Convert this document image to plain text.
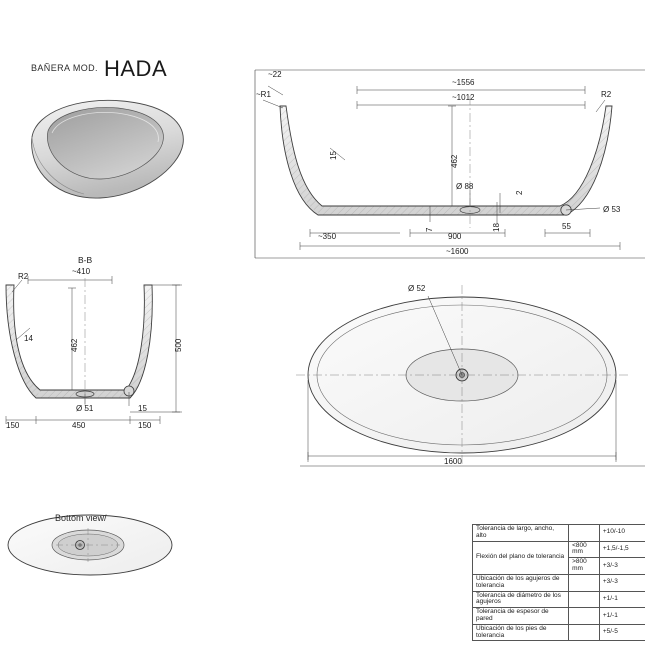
BAÑERA MOD. HADA	~22
~R1	R2
~1556
~1012
15	462
Ø 88
2
18
7
~350	900
Ø 53
55
~1600
B-B
~410
R2
14
462	500
Ø 51	15
150	450	150
Ø 52
1600
Bottom view/
Tolerancia de largo, ancho, alto		+10/-10
Flexión del plano de tolerancia	<800 mm	+1,5/-1,5
	>800 mm	+3/-3
Ubicación de los agujeros de tolerancia		+3/-3
Tolerancia de diámetro de los agujeros		+1/-1
Tolerancia de espesor de pared		+1/-1
Ubicación de los pies de tolerancia		+5/-5
